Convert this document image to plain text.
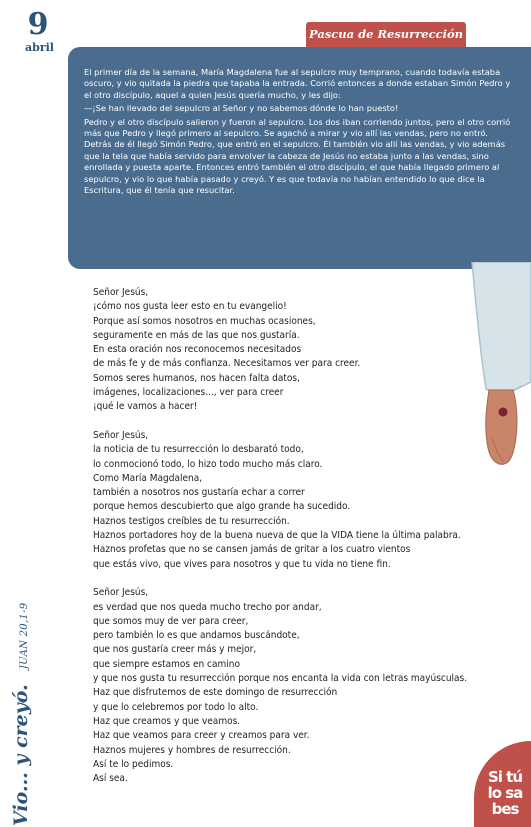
9
abril
Pascua de Resurrección

El primer día de la semana, María Magdalena fue al sepulcro muy temprano, cuando todavía estaba oscuro, y vio quitada la piedra que tapaba la entrada. Corrió entonces a donde estaban Simón Pedro y el otro discípulo, aquel a quien Jesús quería mucho, y les dijo:

—¡Se han llevado del sepulcro al Señor y no sabemos dónde lo han puesto!

Pedro y el otro discípulo salieron y fueron al sepulcro. Los dos iban corriendo juntos, pero el otro corrió más que Pedro y llegó primero al sepulcro. Se agachó a mirar y vio allí las vendas, pero no entró. Detrás de él llegó Simón Pedro, que entró en el sepulcro. Él también vio allí las vendas, y vio además que la tela que había servido para envolver la cabeza de Jesús no estaba junto a las vendas, sino enrollada y puesta aparte. Entonces entró también el otro discípulo, el que había llegado primero al sepulcro, y vio lo que había pasado y creyó. Y es que todavía no habían entendido lo que dice la Escritura, que él tenía que resucitar.

Señor Jesús,
¡cómo nos gusta leer esto en tu evangelio!
Porque así somos nosotros en muchas ocasiones,
seguramente en más de las que nos gustaría.
En esta oración nos reconocemos necesitados
de más fe y de más confianza. Necesitamos ver para creer.
Somos seres humanos, nos hacen falta datos,
imágenes, localizaciones..., ver para creer
¡qué le vamos a hacer!
Señor Jesús,
la noticia de tu resurrección lo desbarató todo,
lo conmocionó todo, lo hizo todo mucho más claro.
Como María Magdalena,
también a nosotros nos gustaría echar a correr
porque hemos descubierto que algo grande ha sucedido.
Haznos testigos creíbles de tu resurrección.
Haznos portadores hoy de la buena nueva de que la VIDA tiene la última palabra.
Haznos profetas que no se cansen jamás de gritar a los cuatro vientos
que estás vivo, que vives para nosotros y que tu vida no tiene fin.
Señor Jesús,
es verdad que nos queda mucho trecho por andar,
que somos muy de ver para creer,
pero también lo es que andamos buscándote,
que nos gustaría creer más y mejor,
que siempre estamos en camino
y que nos gusta tu resurrección porque nos encanta la vida con letras mayúsculas.
Haz que disfrutemos de este domingo de resurrección
y que lo celebremos por todo lo alto.
Haz que creamos y que veamos.
Haz que veamos para creer y creamos para ver.
Haznos mujeres y hombres de resurrección.
Así te lo pedimos.
Así sea.
Vio... y creyó. JUAN 20,1-9
Si tú
lo sa
bes
